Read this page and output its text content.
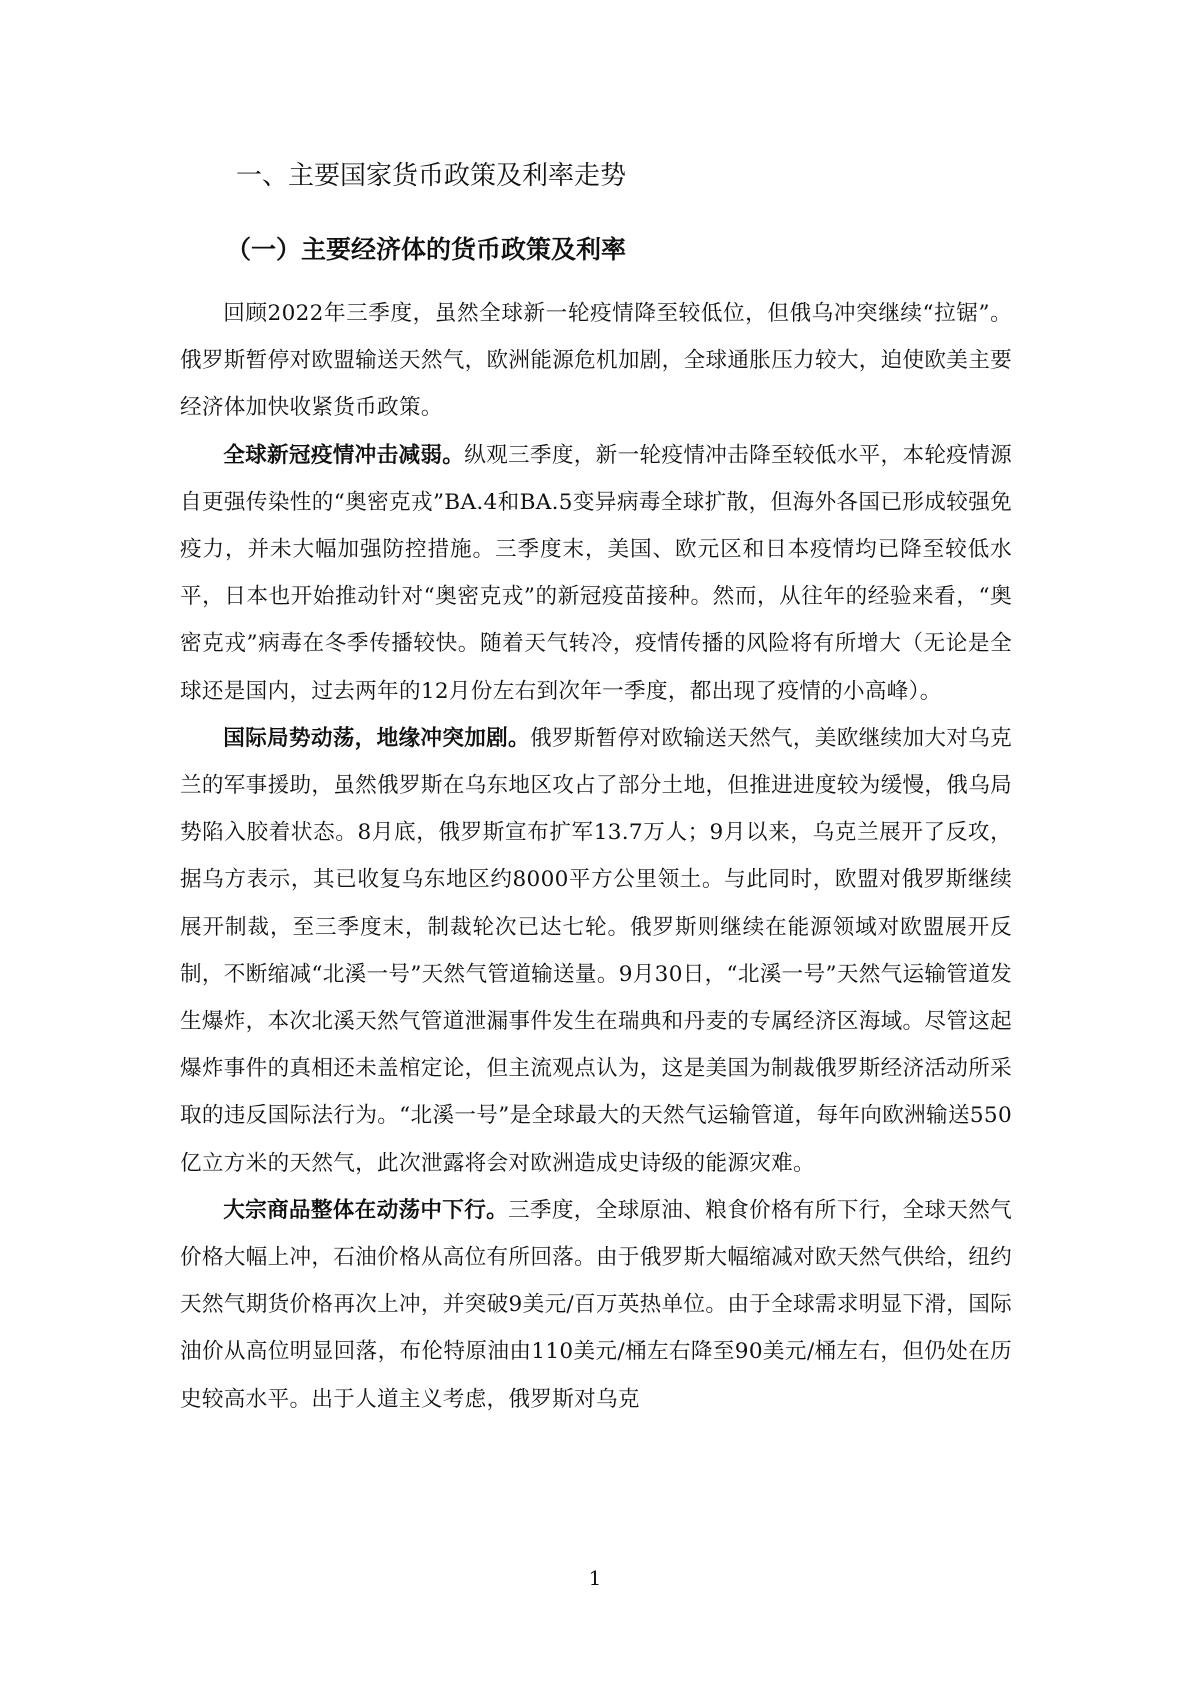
一、主要国家货币政策及利率走势
（一）主要经济体的货币政策及利率

回顾2022年三季度，虽然全球新一轮疫情降至较低位，但俄乌冲突继续“拉锯”。俄罗斯暂停对欧盟输送天然气，欧洲能源危机加剧，全球通胀压力较大，迫使欧美主要经济体加快收紧货币政策。

全球新冠疫情冲击减弱。纵观三季度，新一轮疫情冲击降至较低水平，本轮疫情源自更强传染性的“奥密克戎”BA.4和BA.5变异病毒全球扩散，但海外各国已形成较强免疫力，并未大幅加强防控措施。三季度末，美国、欧元区和日本疫情均已降至较低水平，日本也开始推动针对“奥密克戎”的新冠疫苗接种。然而，从往年的经验来看，“奥密克戎”病毒在冬季传播较快。随着天气转冷，疫情传播的风险将有所增大（无论是全球还是国内，过去两年的12月份左右到次年一季度，都出现了疫情的小高峰）。

国际局势动荡，地缘冲突加剧。俄罗斯暂停对欧输送天然气，美欧继续加大对乌克兰的军事援助，虽然俄罗斯在乌东地区攻占了部分土地，但推进进度较为缓慢，俄乌局势陷入胶着状态。8月底，俄罗斯宣布扩军13.7万人；9月以来，乌克兰展开了反攻，据乌方表示，其已收复乌东地区约8000平方公里领土。与此同时，欧盟对俄罗斯继续展开制裁，至三季度末，制裁轮次已达七轮。俄罗斯则继续在能源领域对欧盟展开反制，不断缩减“北溪一号”天然气管道输送量。9月30日，“北溪一号”天然气运输管道发生爆炸，本次北溪天然气管道泄漏事件发生在瑞典和丹麦的专属经济区海域。尽管这起爆炸事件的真相还未盖棺定论，但主流观点认为，这是美国为制裁俄罗斯经济活动所采取的违反国际法行为。“北溪一号”是全球最大的天然气运输管道，每年向欧洲输送550亿立方米的天然气，此次泄露将会对欧洲造成史诗级的能源灾难。

大宗商品整体在动荡中下行。三季度，全球原油、粮食价格有所下行，全球天然气价格大幅上冲，石油价格从高位有所回落。由于俄罗斯大幅缩减对欧天然气供给，纽约天然气期货价格再次上冲，并突破9美元/百万英热单位。由于全球需求明显下滑，国际油价从高位明显回落，布伦特原油由110美元/桶左右降至90美元/桶左右，但仍处在历史较高水平。出于人道主义考虑，俄罗斯对乌克

1
